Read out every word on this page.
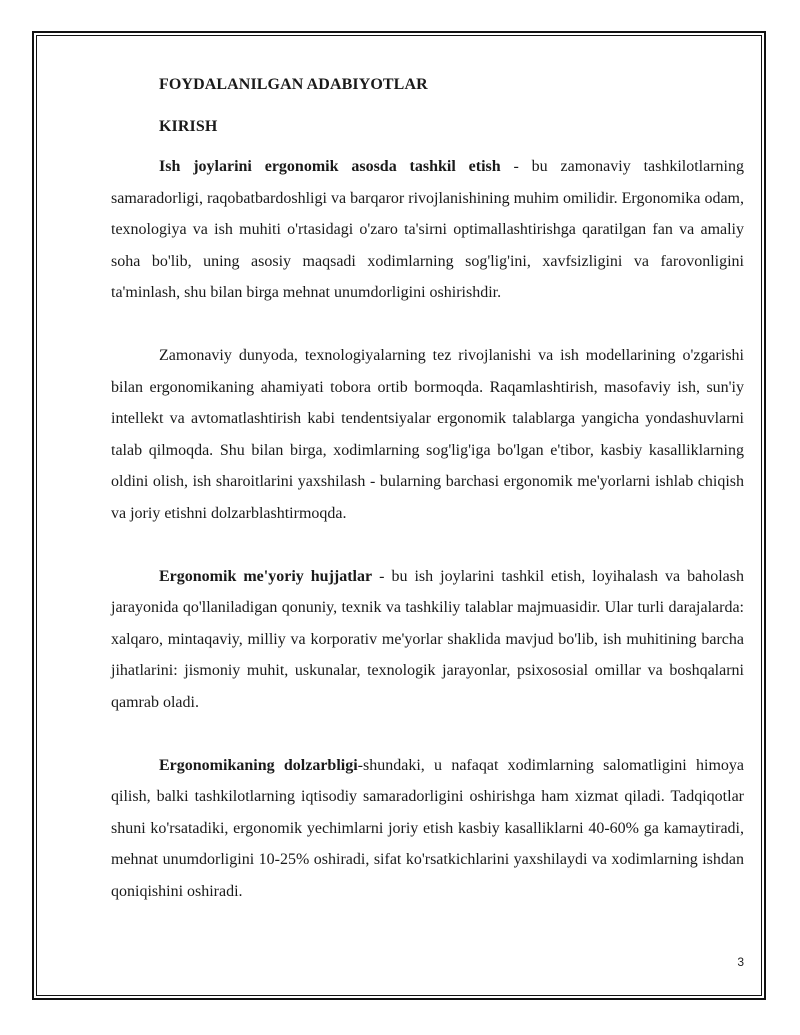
FOYDALANILGAN ADABIYOTLAR
KIRISH

Ish joylarini ergonomik asosda tashkil etish - bu zamonaviy tashkilotlarning samaradorligi, raqobatbardoshligi va barqaror rivojlanishining muhim omilidir. Ergonomika odam, texnologiya va ish muhiti o'rtasidagi o'zaro ta'sirni optimallashtirishga qaratilgan fan va amaliy soha bo'lib, uning asosiy maqsadi xodimlarning sog'lig'ini, xavfsizligini va farovonligini ta'minlash, shu bilan birga mehnat unumdorligini oshirishdir.

Zamonaviy dunyoda, texnologiyalarning tez rivojlanishi va ish modellarining o'zgarishi bilan ergonomikaning ahamiyati tobora ortib bormoqda. Raqamlashtirish, masofaviy ish, sun'iy intellekt va avtomatlashtirish kabi tendentsiyalar ergonomik talablarga yangicha yondashuvlarni talab qilmoqda. Shu bilan birga, xodimlarning sog'lig'iga bo'lgan e'tibor, kasbiy kasalliklarning oldini olish, ish sharoitlarini yaxshilash - bularning barchasi ergonomik me'yorlarni ishlab chiqish va joriy etishni dolzarblashtirmoqda.

Ergonomik me'yoriy hujjatlar - bu ish joylarini tashkil etish, loyihalash va baholash jarayonida qo'llaniladigan qonuniy, texnik va tashkiliy talablar majmuasidir. Ular turli darajalarda: xalqaro, mintaqaviy, milliy va korporativ me'yorlar shaklida mavjud bo'lib, ish muhitining barcha jihatlarini: jismoniy muhit, uskunalar, texnologik jarayonlar, psixososial omillar va boshqalarni qamrab oladi.

Ergonomikaning dolzarbligi-shundaki, u nafaqat xodimlarning salomatligini himoya qilish, balki tashkilotlarning iqtisodiy samaradorligini oshirishga ham xizmat qiladi. Tadqiqotlar shuni ko'rsatadiki, ergonomik yechimlarni joriy etish kasbiy kasalliklarni 40-60% ga kamaytiradi, mehnat unumdorligini 10-25% oshiradi, sifat ko'rsatkichlarini yaxshilaydi va xodimlarning ishdan qoniqishini oshiradi.

3
